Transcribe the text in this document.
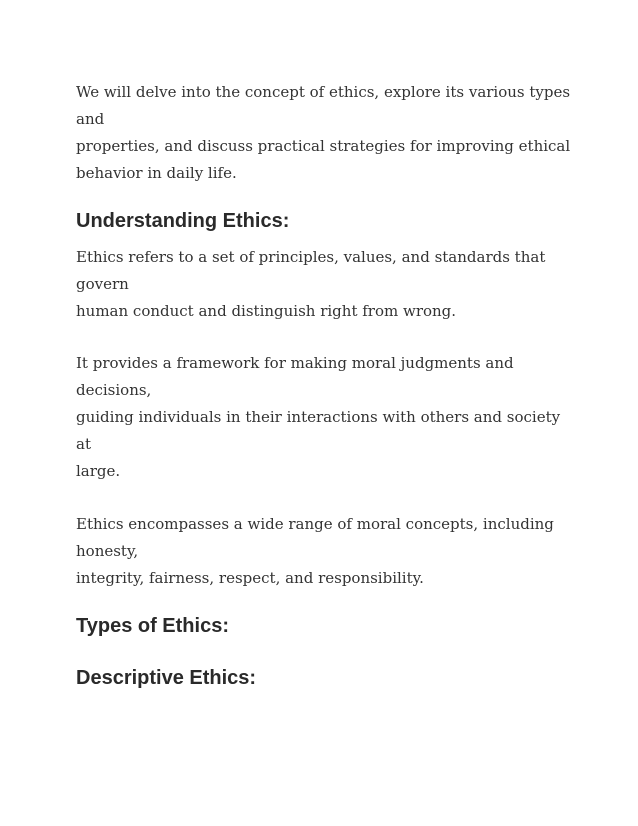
We will delve into the concept of ethics, explore its various types and
properties, and discuss practical strategies for improving ethical
behavior in daily life.

Understanding Ethics:

Ethics refers to a set of principles, values, and standards that govern
human conduct and distinguish right from wrong.

It provides a framework for making moral judgments and decisions,
guiding individuals in their interactions with others and society at
large.

Ethics encompasses a wide range of moral concepts, including honesty,
integrity, fairness, respect, and responsibility.

Types of Ethics:
Descriptive Ethics:
